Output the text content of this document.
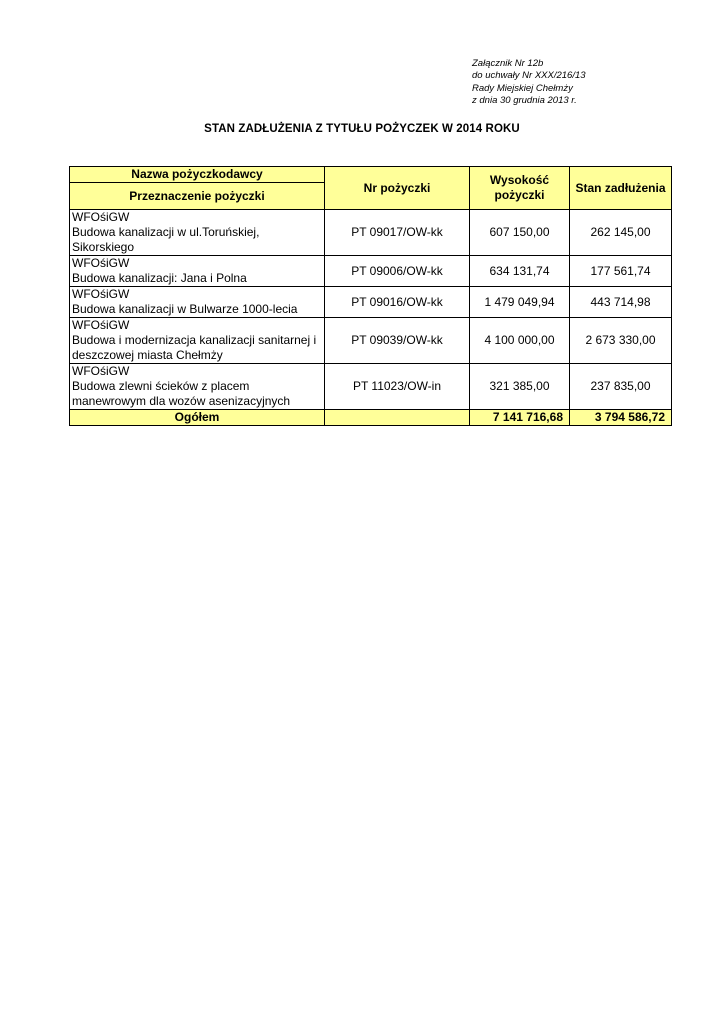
Załącznik Nr 12b
do uchwały Nr XXX/216/13
Rady Miejskiej Chełmży
z dnia 30 grudnia 2013 r.
STAN ZADŁUŻENIA Z TYTUŁU POŻYCZEK W 2014 ROKU
Nazwa pożyczkodawcy	Nr pożyczki	Wysokość pożyczki	Stan zadłużenia
Przeznaczenie pożyczki			

WFOśiGW
Budowa kanalizacji w ul.Toruńskiej, Sikorskiego	PT 09017/OW-kk	607 150,00	262 145,00

WFOśiGW
Budowa kanalizacji: Jana i Polna	PT 09006/OW-kk	634 131,74	177 561,74

WFOśiGW
Budowa kanalizacji w Bulwarze 1000-lecia	PT 09016/OW-kk	1 479 049,94	443 714,98

WFOśiGW
Budowa i modernizacja kanalizacji sanitarnej i deszczowej miasta Chełmży	PT 09039/OW-kk	4 100 000,00	2 673 330,00

WFOśiGW
Budowa zlewni ścieków z placem manewrowym dla wozów asenizacyjnych	PT 11023/OW-in	321 385,00	237 835,00
Ogółem		7 141 716,68	3 794 586,72
